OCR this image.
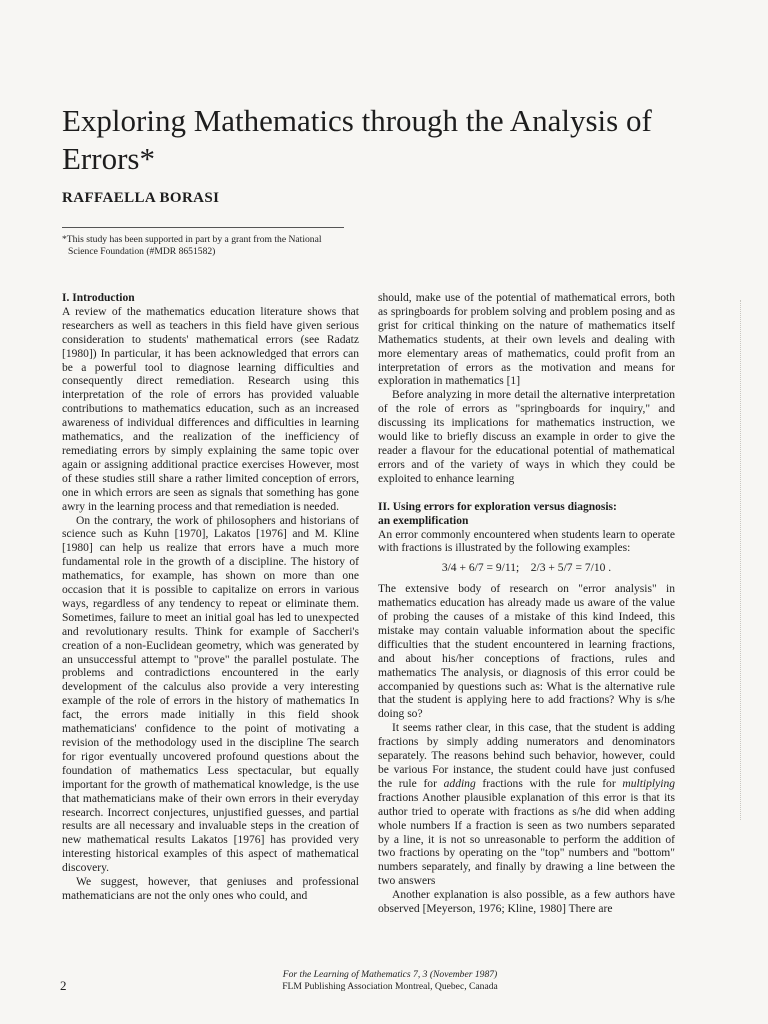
Exploring Mathematics through the Analysis of Errors*
RAFFAELLA BORASI
*This study has been supported in part by a grant from the National
Science Foundation (#MDR 8651582)
I. Introduction

A review of the mathematics education literature shows that researchers as well as teachers in this field have given serious consideration to students' mathematical errors (see Radatz [1980]) In particular, it has been acknowledged that errors can be a powerful tool to diagnose learning difficulties and consequently direct remediation. Research using this interpretation of the role of errors has provided valuable contributions to mathematics education, such as an increased awareness of individual differences and difficulties in learning mathematics, and the realization of the inefficiency of remediating errors by simply explaining the same topic over again or assigning additional practice exercises However, most of these studies still share a rather limited conception of errors, one in which errors are seen as signals that something has gone awry in the learning process and that remediation is needed.

On the contrary, the work of philosophers and historians of science such as Kuhn [1970], Lakatos [1976] and M. Kline [1980] can help us realize that errors have a much more fundamental role in the growth of a discipline. The history of mathematics, for example, has shown on more than one occasion that it is possible to capitalize on errors in various ways, regardless of any tendency to repeat or eliminate them. Sometimes, failure to meet an initial goal has led to unexpected and revolutionary results. Think for example of Saccheri's creation of a non-Euclidean geometry, which was generated by an unsuccessful attempt to "prove" the parallel postulate. The problems and contradictions encountered in the early development of the calculus also provide a very interesting example of the role of errors in the history of mathematics In fact, the errors made initially in this field shook mathematicians' confidence to the point of motivating a revision of the methodology used in the discipline The search for rigor eventually uncovered profound questions about the foundation of mathematics Less spectacular, but equally important for the growth of mathematical knowledge, is the use that mathematicians make of their own errors in their everyday research. Incorrect conjectures, unjustified guesses, and partial results are all necessary and invaluable steps in the creation of new mathematical results Lakatos [1976] has provided very interesting historical examples of this aspect of mathematical discovery.

We suggest, however, that geniuses and professional mathematicians are not the only ones who could, and

should, make use of the potential of mathematical errors, both as springboards for problem solving and problem posing and as grist for critical thinking on the nature of mathematics itself Mathematics students, at their own levels and dealing with more elementary areas of mathematics, could profit from an interpretation of errors as the motivation and means for exploration in mathematics [1]

Before analyzing in more detail the alternative interpretation of the role of errors as "springboards for inquiry," and discussing its implications for mathematics instruction, we would like to briefly discuss an example in order to give the reader a flavour for the educational potential of mathematical errors and of the variety of ways in which they could be exploited to enhance learning

II. Using errors for exploration versus diagnosis:
an exemplification

An error commonly encountered when students learn to operate with fractions is illustrated by the following examples:

3/4 + 6/7 = 9/11; 2/3 + 5/7 = 7/10 .

The extensive body of research on "error analysis" in mathematics education has already made us aware of the value of probing the causes of a mistake of this kind Indeed, this mistake may contain valuable information about the specific difficulties that the student encountered in learning fractions, and about his/her conceptions of fractions, rules and mathematics The analysis, or diagnosis of this error could be accompanied by questions such as: What is the alternative rule that the student is applying here to add fractions? Why is s/he doing so?

It seems rather clear, in this case, that the student is adding fractions by simply adding numerators and denominators separately. The reasons behind such behavior, however, could be various For instance, the student could have just confused the rule for adding fractions with the rule for multiplying fractions Another plausible explanation of this error is that its author tried to operate with fractions as s/he did when adding whole numbers If a fraction is seen as two numbers separated by a line, it is not so unreasonable to perform the addition of two fractions by operating on the "top" numbers and "bottom" numbers separately, and finally by drawing a line between the two answers

Another explanation is also possible, as a few authors have observed [Meyerson, 1976; Kline, 1980] There are

2
For the Learning of Mathematics 7, 3 (November 1987)
FLM Publishing Association Montreal, Quebec, Canada
